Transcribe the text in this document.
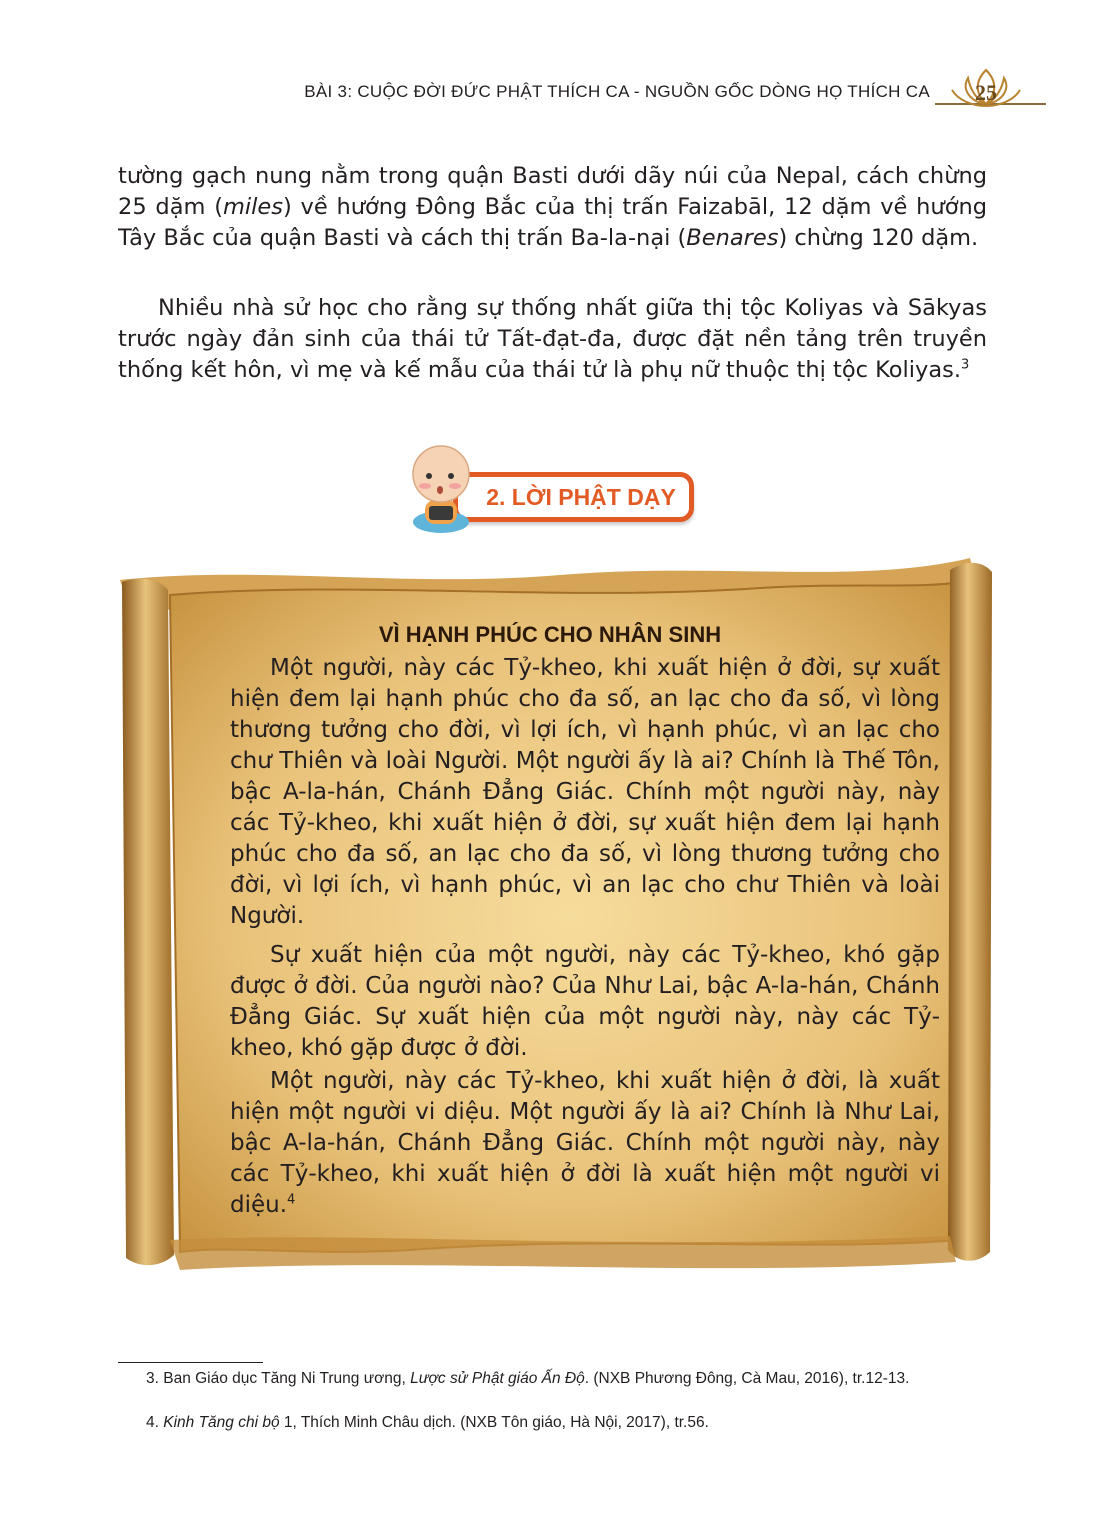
BÀI 3: CUỘC ĐỜI ĐỨC PHẬT THÍCH CA - NGUỒN GỐC DÒNG HỌ THÍCH CA	25

tường gạch nung nằm trong quận Basti dưới dãy núi của Nepal, cách chừng 25 dặm (miles) về hướng Đông Bắc của thị trấn Faizabāl, 12 dặm về hướng Tây Bắc của quận Basti và cách thị trấn Ba-la-nại (Benares) chừng 120 dặm.

Nhiều nhà sử học cho rằng sự thống nhất giữa thị tộc Koliyas và Sākyas trước ngày đản sinh của thái tử Tất-đạt-đa, được đặt nền tảng trên truyền thống kết hôn, vì mẹ và kế mẫu của thái tử là phụ nữ thuộc thị tộc Koliyas.$^3$

2. LỜI PHẬT DẠY
VÌ HẠNH PHÚC CHO NHÂN SINH

Một người, này các Tỷ-kheo, khi xuất hiện ở đời, sự xuất hiện đem lại hạnh phúc cho đa số, an lạc cho đa số, vì lòng thương tưởng cho đời, vì lợi ích, vì hạnh phúc, vì an lạc cho chư Thiên và loài Người. Một người ấy là ai? Chính là Thế Tôn, bậc A-la-hán, Chánh Đẳng Giác. Chính một người này, này các Tỷ-kheo, khi xuất hiện ở đời, sự xuất hiện đem lại hạnh phúc cho đa số, an lạc cho đa số, vì lòng thương tưởng cho đời, vì lợi ích, vì hạnh phúc, vì an lạc cho chư Thiên và loài Người.

Sự xuất hiện của một người, này các Tỷ-kheo, khó gặp được ở đời. Của người nào? Của Như Lai, bậc A-la-hán, Chánh Đẳng Giác. Sự xuất hiện của một người này, này các Tỷ-kheo, khó gặp được ở đời.

Một người, này các Tỷ-kheo, khi xuất hiện ở đời, là xuất hiện một người vi diệu. Một người ấy là ai? Chính là Như Lai, bậc A-la-hán, Chánh Đẳng Giác. Chính một người này, này các Tỷ-kheo, khi xuất hiện ở đời là xuất hiện một người vi diệu.$^4$

3. Ban Giáo dục Tăng Ni Trung ương, Lược sử Phật giáo Ấn Độ. (NXB Phương Đông, Cà Mau, 2016), tr.12-13.

4. Kinh Tăng chi bộ 1, Thích Minh Châu dịch. (NXB Tôn giáo, Hà Nội, 2017), tr.56.
